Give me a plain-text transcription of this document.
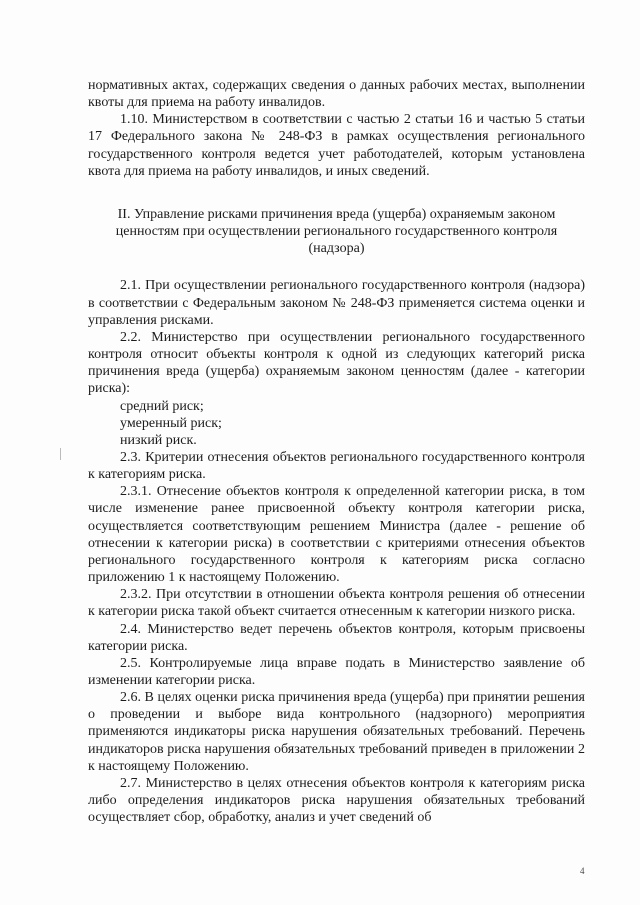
нормативных актах, содержащих сведения о данных рабочих местах, выполнении квоты для приема на работу инвалидов.

1.10. Министерством в соответствии с частью 2 статьи 16 и частью 5 статьи 17 Федерального закона № 248-ФЗ в рамках осуществления регионального государственного контроля ведется учет работодателей, которым установлена квота для приема на работу инвалидов, и иных сведений.

II. Управление рисками причинения вреда (ущерба) охраняемым законом ценностям при осуществлении регионального государственного контроля (надзора)

2.1. При осуществлении регионального государственного контроля (надзора) в соответствии с Федеральным законом № 248-ФЗ применяется система оценки и управления рисками.

2.2. Министерство при осуществлении регионального государственного контроля относит объекты контроля к одной из следующих категорий риска причинения вреда (ущерба) охраняемым законом ценностям (далее - категории риска):

средний риск;

умеренный риск;

низкий риск.

2.3. Критерии отнесения объектов регионального государственного контроля к категориям риска.

2.3.1. Отнесение объектов контроля к определенной категории риска, в том числе изменение ранее присвоенной объекту контроля категории риска, осуществляется соответствующим решением Министра (далее - решение об отнесении к категории риска) в соответствии с критериями отнесения объектов регионального государственного контроля к категориям риска согласно приложению 1 к настоящему Положению.

2.3.2. При отсутствии в отношении объекта контроля решения об отнесении к категории риска такой объект считается отнесенным к категории низкого риска.

2.4. Министерство ведет перечень объектов контроля, которым присвоены категории риска.

2.5. Контролируемые лица вправе подать в Министерство заявление об изменении категории риска.

2.6. В целях оценки риска причинения вреда (ущерба) при принятии решения о проведении и выборе вида контрольного (надзорного) мероприятия применяются индикаторы риска нарушения обязательных требований. Перечень индикаторов риска нарушения обязательных требований приведен в приложении 2 к настоящему Положению.

2.7. Министерство в целях отнесения объектов контроля к категориям риска либо определения индикаторов риска нарушения обязательных требований осуществляет сбор, обработку, анализ и учет сведений об

4
